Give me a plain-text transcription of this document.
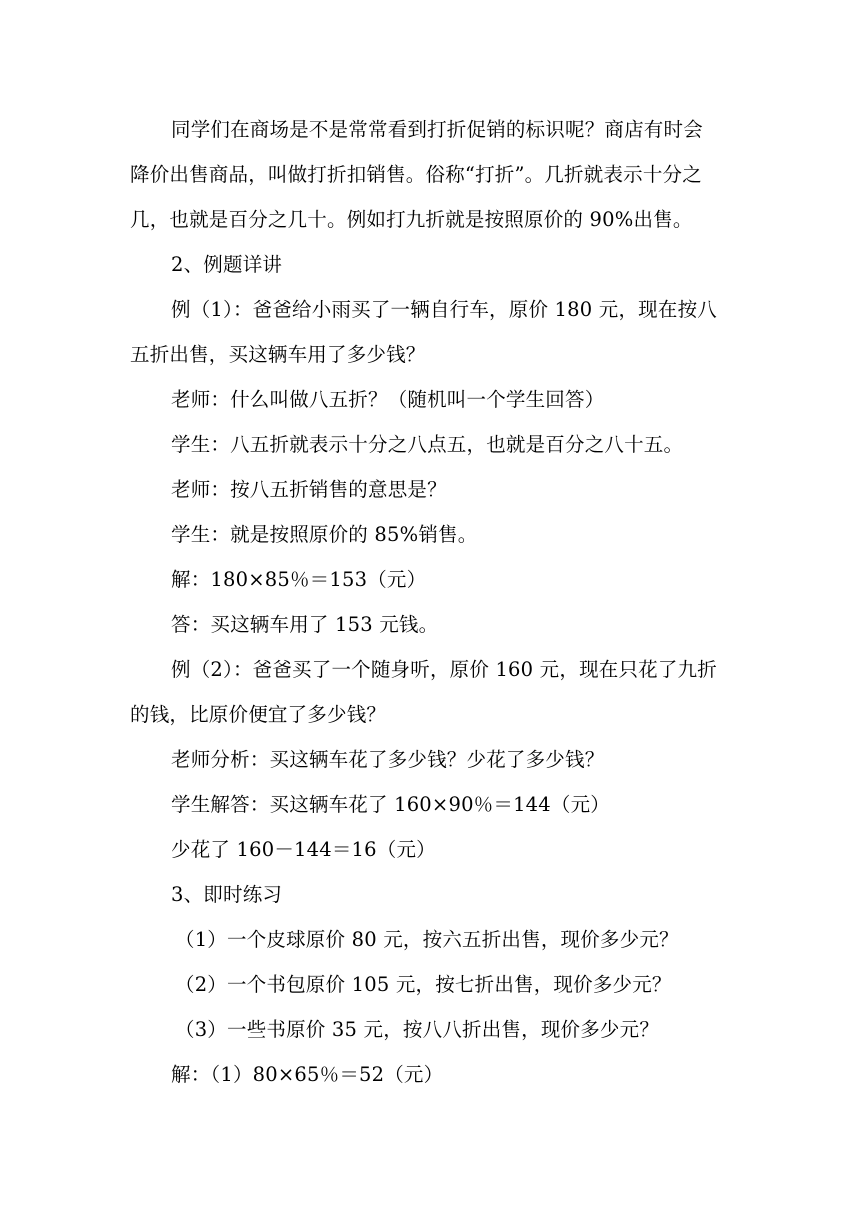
同学们在商场是不是常常看到打折促销的标识呢？商店有时会
降价出售商品，叫做打折扣销售。俗称“打折”。几折就表示十分之
几，也就是百分之几十。例如打九折就是按照原价的 90%出售。
2、例题详讲
例（1）：爸爸给小雨买了一辆自行车，原价 180 元，现在按八
五折出售，买这辆车用了多少钱？
老师：什么叫做八五折？（随机叫一个学生回答）
学生：八五折就表示十分之八点五，也就是百分之八十五。
老师：按八五折销售的意思是？
学生：就是按照原价的 85%销售。
解：180×85％＝153（元）
答：买这辆车用了 153 元钱。
例（2）：爸爸买了一个随身听，原价 160 元，现在只花了九折
的钱，比原价便宜了多少钱？
老师分析：买这辆车花了多少钱？少花了多少钱？
学生解答：买这辆车花了 160×90％＝144（元）
少花了 160－144＝16（元）
3、即时练习
（1）一个皮球原价 80 元，按六五折出售，现价多少元？
（2）一个书包原价 105 元，按七折出售，现价多少元？
（3）一些书原价 35 元，按八八折出售，现价多少元？
解：（1）80×65％＝52（元）
